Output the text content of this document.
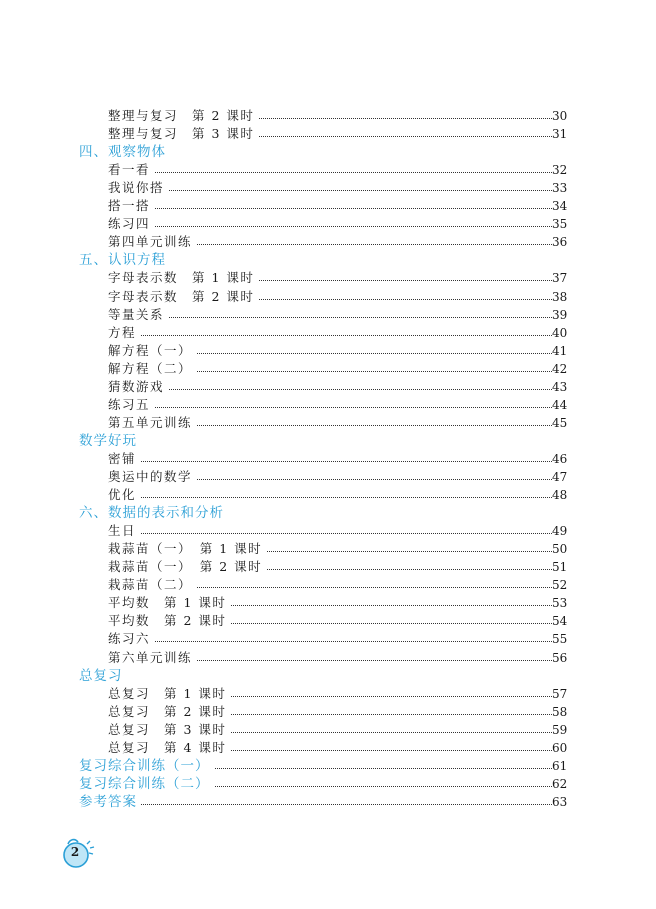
整理与复习　第 2 课时	30
整理与复习　第 3 课时	31
四、观察物体
看一看	32
我说你搭	33
搭一搭	34
练习四	35
第四单元训练	36
五、认识方程
字母表示数　第 1 课时	37
字母表示数　第 2 课时	38
等量关系	39
方程	40
解方程（一）	41
解方程（二）	42
猜数游戏	43
练习五	44
第五单元训练	45
数学好玩
密铺	46
奥运中的数学	47
优化	48
六、数据的表示和分析
生日	49
栽蒜苗（一）　第 1 课时	50
栽蒜苗（一）　第 2 课时	51
栽蒜苗（二）	52
平均数　第 1 课时	53
平均数　第 2 课时	54
练习六	55
第六单元训练	56
总复习
总复习　第 1 课时	57
总复习　第 2 课时	58
总复习　第 3 课时	59
总复习　第 4 课时	60
复习综合训练（一）	61
复习综合训练（二）	62
参考答案	63
2
